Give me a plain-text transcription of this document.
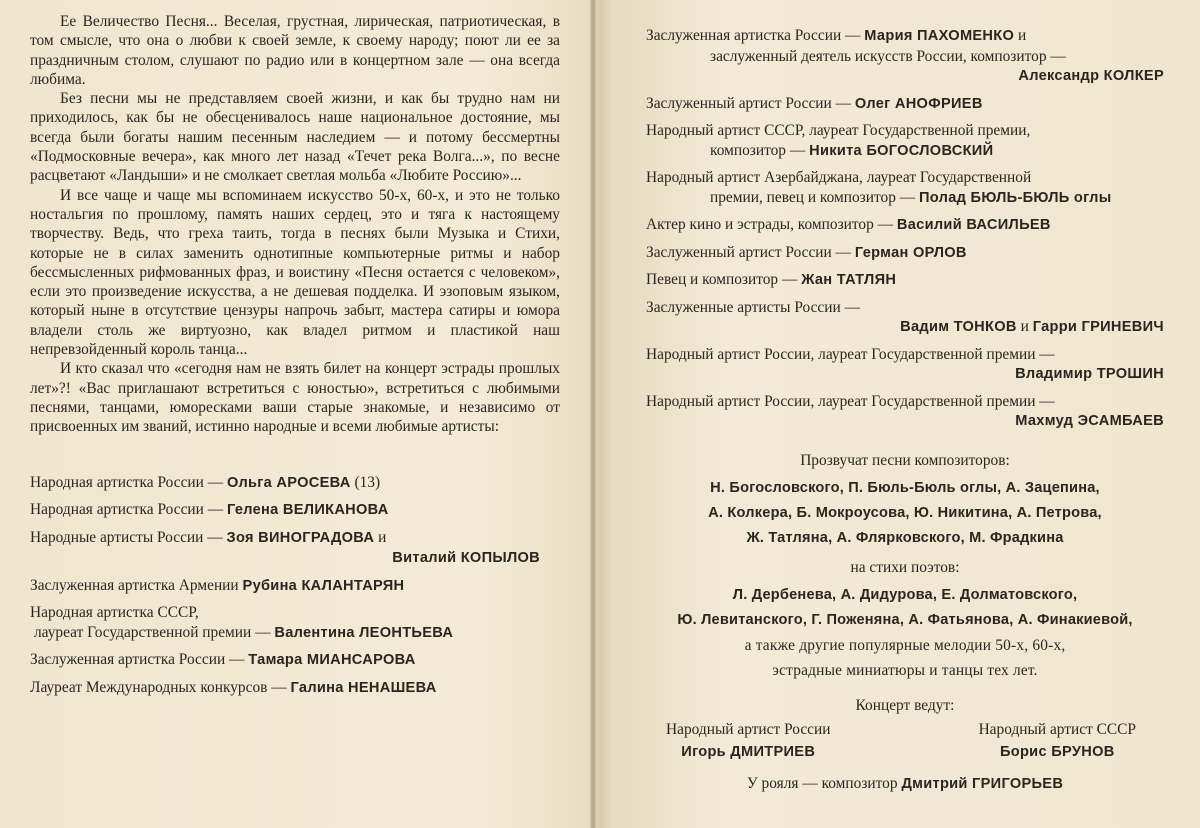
Ее Величество Песня... Веселая, грустная, лирическая, патриотическая, в том смысле, что она о любви к своей земле, к своему народу; поют ли ее за праздничным столом, слушают по радио или в концертном зале — она всегда любима.

Без песни мы не представляем своей жизни, и как бы трудно нам ни приходилось, как бы не обесценивалось наше национальное достояние, мы всегда были богаты нашим песенным наследием — и потому бессмертны «Подмосковные вечера», как много лет назад «Течет река Волга...», по весне расцветают «Ландыши» и не смолкает светлая мольба «Любите Россию»...

И все чаще и чаще мы вспоминаем искусство 50-х, 60-х, и это не только ностальгия по прошлому, память наших сердец, это и тяга к настоящему творчеству. Ведь, что греха таить, тогда в песнях были Музыка и Стихи, которые не в силах заменить однотипные компьютерные ритмы и набор бессмысленных рифмованных фраз, и воистину «Песня остается с человеком», если это произведение искусства, а не дешевая подделка. И эзоповым языком, который ныне в отсутствие цензуры напрочь забыт, мастера сатиры и юмора владели столь же виртуозно, как владел ритмом и пластикой наш непревзойденный король танца...

И кто сказал что «сегодня нам не взять билет на концерт эстрады прошлых лет»?! «Вас приглашают встретиться с юностью», встретиться с любимыми песнями, танцами, юморесками ваши старые знакомые, и независимо от присвоенных им званий, истинно народные и всеми любимые артисты:

Народная артистка России — Ольга АРОСЕВА (13)
Народная артистка России — Гелена ВЕЛИКАНОВА
Народные артисты России — Зоя ВИНОГРАДОВА и
Виталий КОПЫЛОВ
Заслуженная артистка Армении Рубина КАЛАНТАРЯН
Народная артистка СССР,
лауреат Государственной премии — Валентина ЛЕОНТЬЕВА
Заслуженная артистка России — Тамара МИАНСАРОВА
Лауреат Международных конкурсов — Галина НЕНАШЕВА
Заслуженная артистка России — Мария ПАХОМЕНКО и
заслуженный деятель искусств России, композитор —
Александр КОЛКЕР
Заслуженный артист России — Олег АНОФРИЕВ
Народный артист СССР, лауреат Государственной премии,
композитор — Никита БОГОСЛОВСКИЙ
Народный артист Азербайджана, лауреат Государственной
премии, певец и композитор — Полад БЮЛЬ-БЮЛЬ оглы
Актер кино и эстрады, композитор — Василий ВАСИЛЬЕВ
Заслуженный артист России — Герман ОРЛОВ
Певец и композитор — Жан ТАТЛЯН
Заслуженные артисты России —
Вадим ТОНКОВ и Гарри ГРИНЕВИЧ
Народный артист России, лауреат Государственной премии —
Владимир ТРОШИН
Народный артист России, лауреат Государственной премии —
Махмуд ЭСАМБАЕВ
Прозвучат песни композиторов:
Н. Богословского, П. Бюль-Бюль оглы, А. Зацепина,
А. Колкера, Б. Мокроусова, Ю. Никитина, А. Петрова,
Ж. Татляна, А. Флярковского, М. Фрадкина
на стихи поэтов:
Л. Дербенева, А. Дидурова, Е. Долматовского,
Ю. Левитанского, Г. Поженяна, А. Фатьянова, А. Финакиевой,
а также другие популярные мелодии 50-х, 60-х,
эстрадные миниатюры и танцы тех лет.
Концерт ведут:
Народный артист России
Игорь ДМИТРИЕВ
Народный артист СССР
Борис БРУНОВ
У рояля — композитор Дмитрий ГРИГОРЬЕВ
